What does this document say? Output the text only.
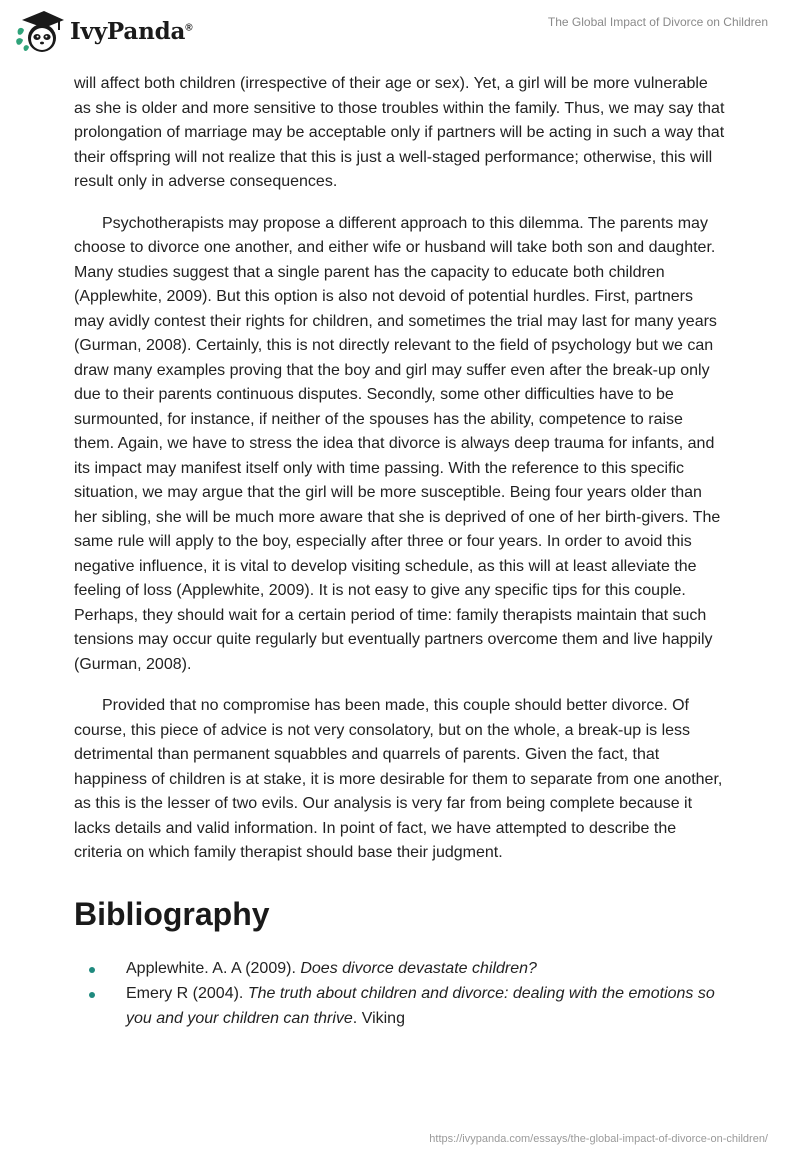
IvyPanda®	The Global Impact of Divorce on Children

will affect both children (irrespective of their age or sex). Yet, a girl will be more vulnerable as she is older and more sensitive to those troubles within the family. Thus, we may say that prolongation of marriage may be acceptable only if partners will be acting in such a way that their offspring will not realize that this is just a well-staged performance; otherwise, this will result only in adverse consequences.

Psychotherapists may propose a different approach to this dilemma. The parents may choose to divorce one another, and either wife or husband will take both son and daughter. Many studies suggest that a single parent has the capacity to educate both children (Applewhite, 2009). But this option is also not devoid of potential hurdles. First, partners may avidly contest their rights for children, and sometimes the trial may last for many years (Gurman, 2008). Certainly, this is not directly relevant to the field of psychology but we can draw many examples proving that the boy and girl may suffer even after the break-up only due to their parents continuous disputes. Secondly, some other difficulties have to be surmounted, for instance, if neither of the spouses has the ability, competence to raise them. Again, we have to stress the idea that divorce is always deep trauma for infants, and its impact may manifest itself only with time passing. With the reference to this specific situation, we may argue that the girl will be more susceptible. Being four years older than her sibling, she will be much more aware that she is deprived of one of her birth-givers. The same rule will apply to the boy, especially after three or four years. In order to avoid this negative influence, it is vital to develop visiting schedule, as this will at least alleviate the feeling of loss (Applewhite, 2009). It is not easy to give any specific tips for this couple. Perhaps, they should wait for a certain period of time: family therapists maintain that such tensions may occur quite regularly but eventually partners overcome them and live happily (Gurman, 2008).

Provided that no compromise has been made, this couple should better divorce. Of course, this piece of advice is not very consolatory, but on the whole, a break-up is less detrimental than permanent squabbles and quarrels of parents. Given the fact, that happiness of children is at stake, it is more desirable for them to separate from one another, as this is the lesser of two evils. Our analysis is very far from being complete because it lacks details and valid information. In point of fact, we have attempted to describe the criteria on which family therapist should base their judgment.

Bibliography
Applewhite. A. A (2009). Does divorce devastate children?
Emery R (2004). The truth about children and divorce: dealing with the emotions so you and your children can thrive. Viking
https://ivypanda.com/essays/the-global-impact-of-divorce-on-children/
